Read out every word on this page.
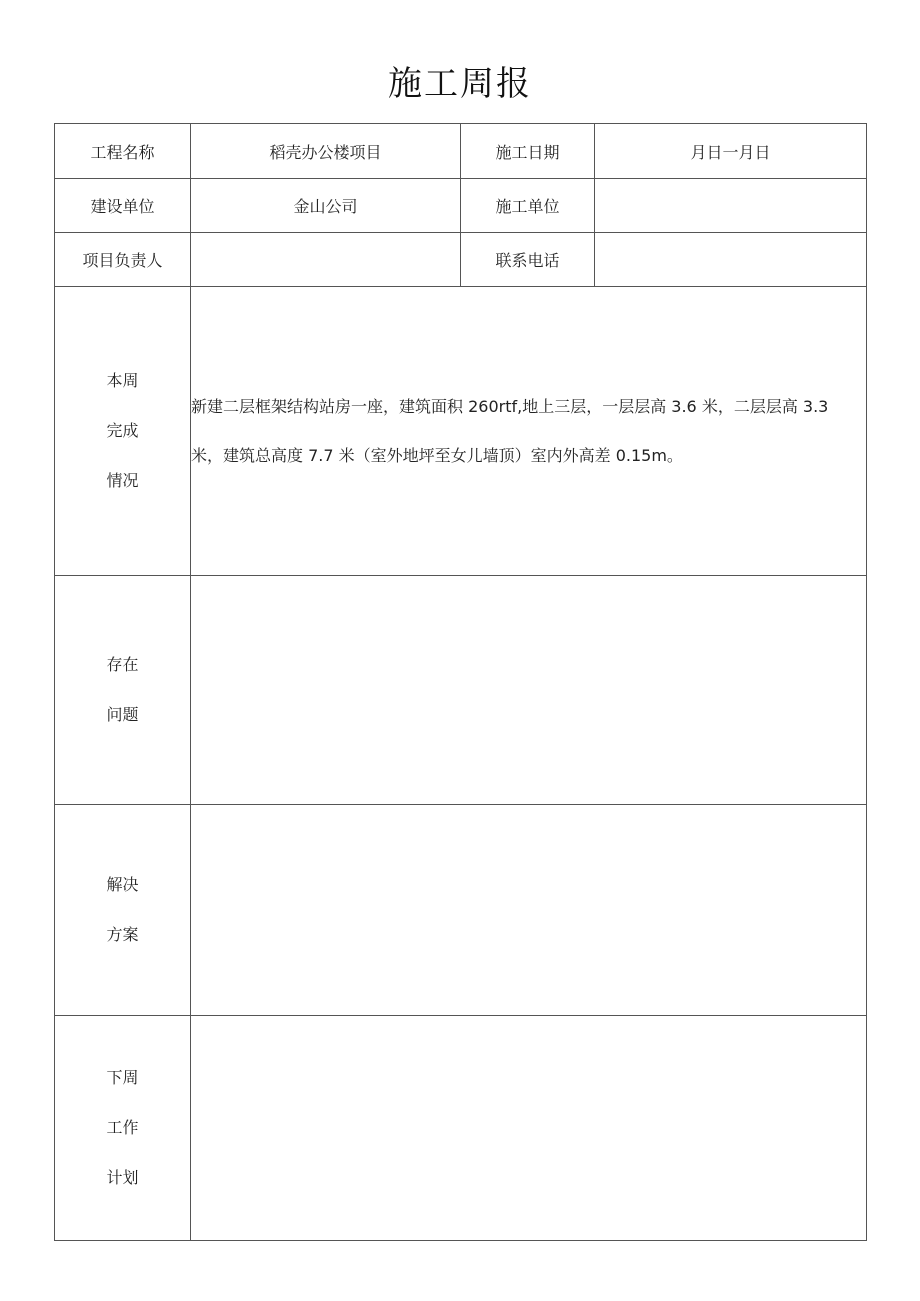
施工周报
工程名称	稻壳办公楼项目	施工日期	月日一月日
建设单位	金山公司	施工单位	
项目负责人		联系电话	

本周
完成
情况	新建二层框架结构站房一座，建筑面积 260rtf,地上三层，一层层高 3.6 米，二层层高 3.3
米，建筑总高度 7.7 米（室外地坪至女儿墙顶）室内外高差 0.15m。		

存在
问题			

解决
方案			

下周
工作
计划			
